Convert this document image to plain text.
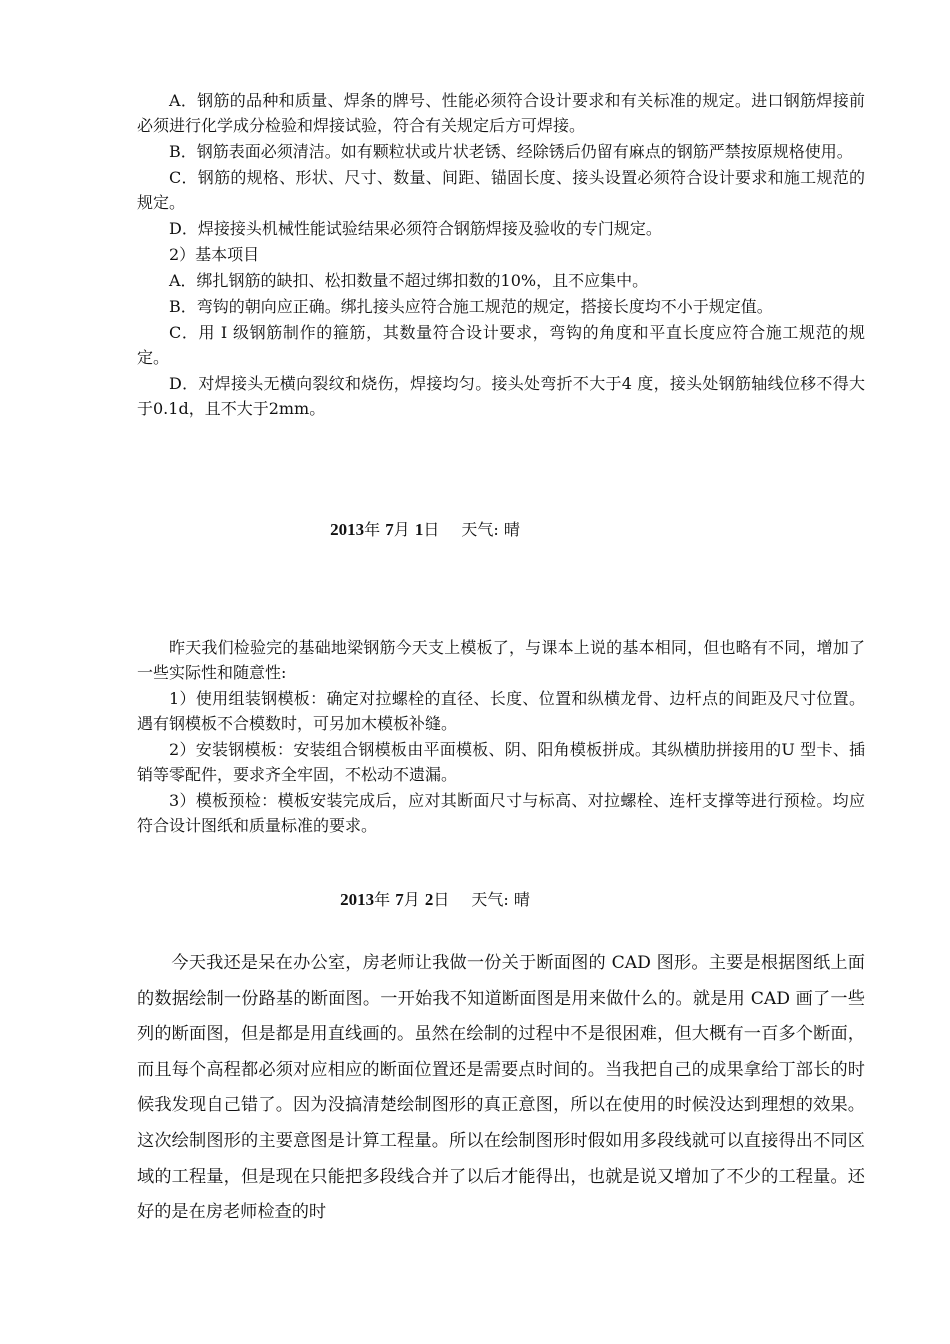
A．钢筋的品种和质量、焊条的牌号、性能必须符合设计要求和有关标准的规定。进口钢筋焊接前必须进行化学成分检验和焊接试验，符合有关规定后方可焊接。

B．钢筋表面必须清洁。如有颗粒状或片状老锈、经除锈后仍留有麻点的钢筋严禁按原规格使用。

C．钢筋的规格、形状、尺寸、数量、间距、锚固长度、接头设置必须符合设计要求和施工规范的规定。

D．焊接接头机械性能试验结果必须符合钢筋焊接及验收的专门规定。

2）基本项目

A．绑扎钢筋的缺扣、松扣数量不超过绑扣数的10%，且不应集中。

B．弯钩的朝向应正确。绑扎接头应符合施工规范的规定，搭接长度均不小于规定值。

C．用 I 级钢筋制作的箍筋，其数量符合设计要求，弯钩的角度和平直长度应符合施工规范的规定。

D．对焊接头无横向裂纹和烧伤，焊接均匀。接头处弯折不大于4 度，接头处钢筋轴线位移不得大于0.1d，且不大于2mm。

2013年 7月 1日 天气: 晴

昨天我们检验完的基础地梁钢筋今天支上模板了，与课本上说的基本相同，但也略有不同，增加了一些实际性和随意性:

1）使用组装钢模板：确定对拉螺栓的直径、长度、位置和纵横龙骨、边杆点的间距及尺寸位置。遇有钢模板不合模数时，可另加木模板补缝。

2）安装钢模板：安装组合钢模板由平面模板、阴、阳角模板拼成。其纵横肋拼接用的U 型卡、插销等零配件，要求齐全牢固，不松动不遗漏。

3）模板预检：模板安装完成后，应对其断面尺寸与标高、对拉螺栓、连杆支撑等进行预检。均应符合设计图纸和质量标准的要求。

2013年 7月 2日 天气: 晴

今天我还是呆在办公室，房老师让我做一份关于断面图的 CAD 图形。主要是根据图纸上面的数据绘制一份路基的断面图。一开始我不知道断面图是用来做什么的。就是用 CAD 画了一些列的断面图，但是都是用直线画的。虽然在绘制的过程中不是很困难，但大概有一百多个断面，而且每个高程都必须对应相应的断面位置还是需要点时间的。当我把自己的成果拿给丁部长的时候我发现自己错了。因为没搞清楚绘制图形的真正意图，所以在使用的时候没达到理想的效果。这次绘制图形的主要意图是计算工程量。所以在绘制图形时假如用多段线就可以直接得出不同区域的工程量，但是现在只能把多段线合并了以后才能得出，也就是说又增加了不少的工程量。还好的是在房老师检查的时
